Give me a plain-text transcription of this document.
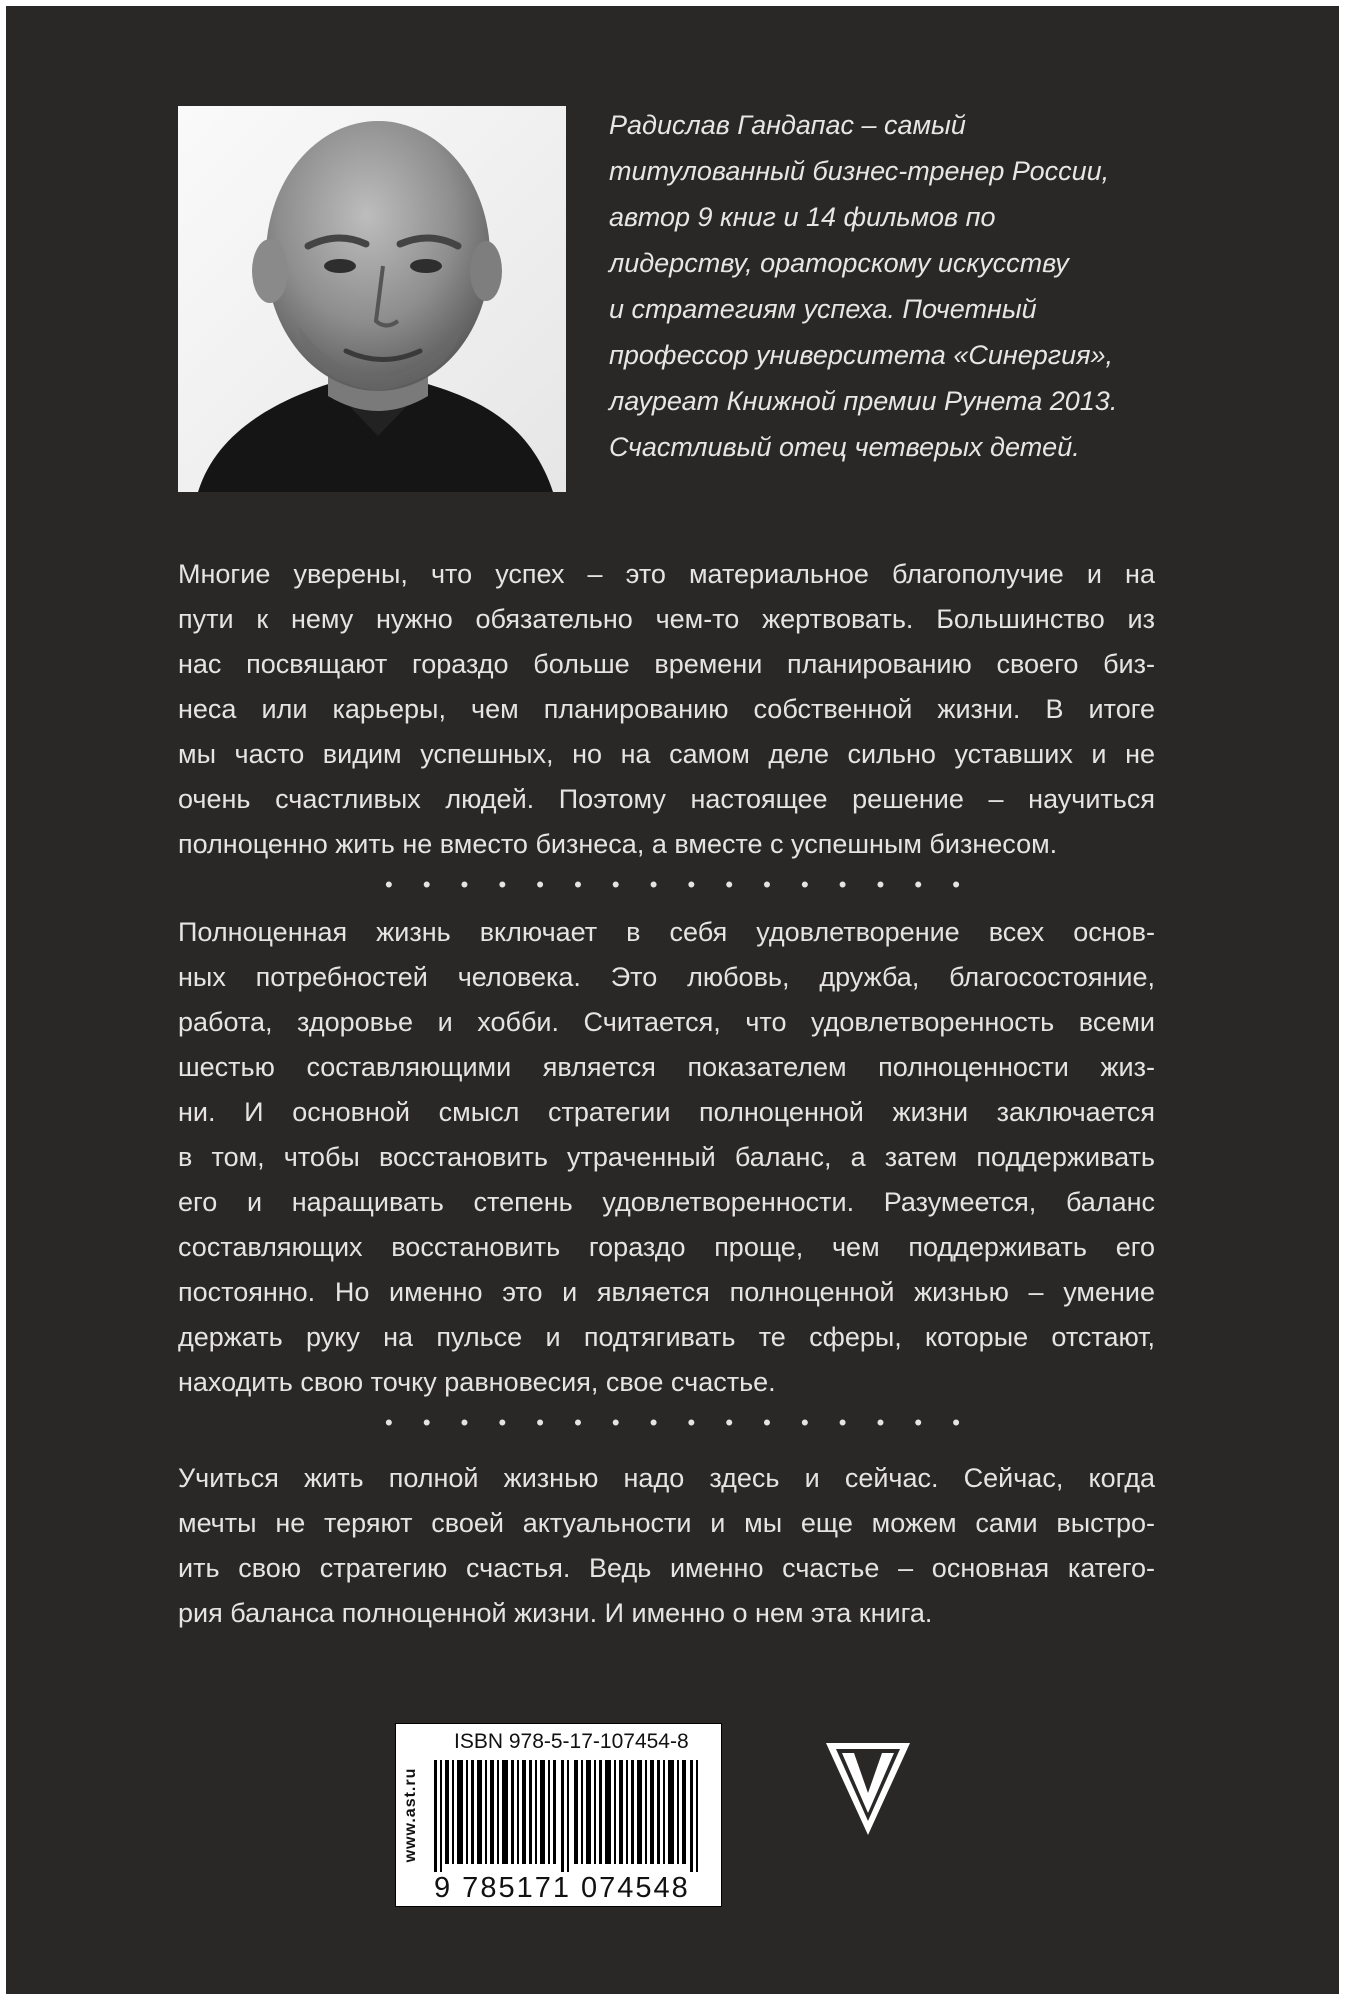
Радислав Гандапас – самый
титулованный бизнес-тренер России,
автор 9 книг и 14 фильмов по
лидерству, ораторскому искусству
и стратегиям успеха. Почетный
профессор университета «Синергия»,
лауреат Книжной премии Рунета 2013.
Счастливый отец четверых детей.
Многие уверены, что успех – это материальное благополучие и на
пути к нему нужно обязательно чем-то жертвовать. Большинство из
нас посвящают гораздо больше времени планированию своего биз-
неса или карьеры, чем планированию собственной жизни. В итоге
мы часто видим успешных, но на самом деле сильно уставших и не
очень счастливых людей. Поэтому настоящее решение – научиться
полноценно жить не вместо бизнеса, а вместе с успешным бизнесом.
• • • • • • • • • • • • • • • •
Полноценная жизнь включает в себя удовлетворение всех основ-
ных потребностей человека. Это любовь, дружба, благосостояние,
работа, здоровье и хобби. Считается, что удовлетворенность всеми
шестью составляющими является показателем полноценности жиз-
ни. И основной смысл стратегии полноценной жизни заключается
в том, чтобы восстановить утраченный баланс, а затем поддерживать
его и наращивать степень удовлетворенности. Разумеется, баланс
составляющих восстановить гораздо проще, чем поддерживать его
постоянно. Но именно это и является полноценной жизнью – умение
держать руку на пульсе и подтягивать те сферы, которые отстают,
находить свою точку равновесия, свое счастье.
• • • • • • • • • • • • • • • •
Учиться жить полной жизнью надо здесь и сейчас. Сейчас, когда
мечты не теряют своей актуальности и мы еще можем сами выстро-
ить свою стратегию счастья. Ведь именно счастье – основная катего-
рия баланса полноценной жизни. И именно о нем эта книга.
www.ast.ru
ISBN 978-5-17-107454-8
9 785171 074548
